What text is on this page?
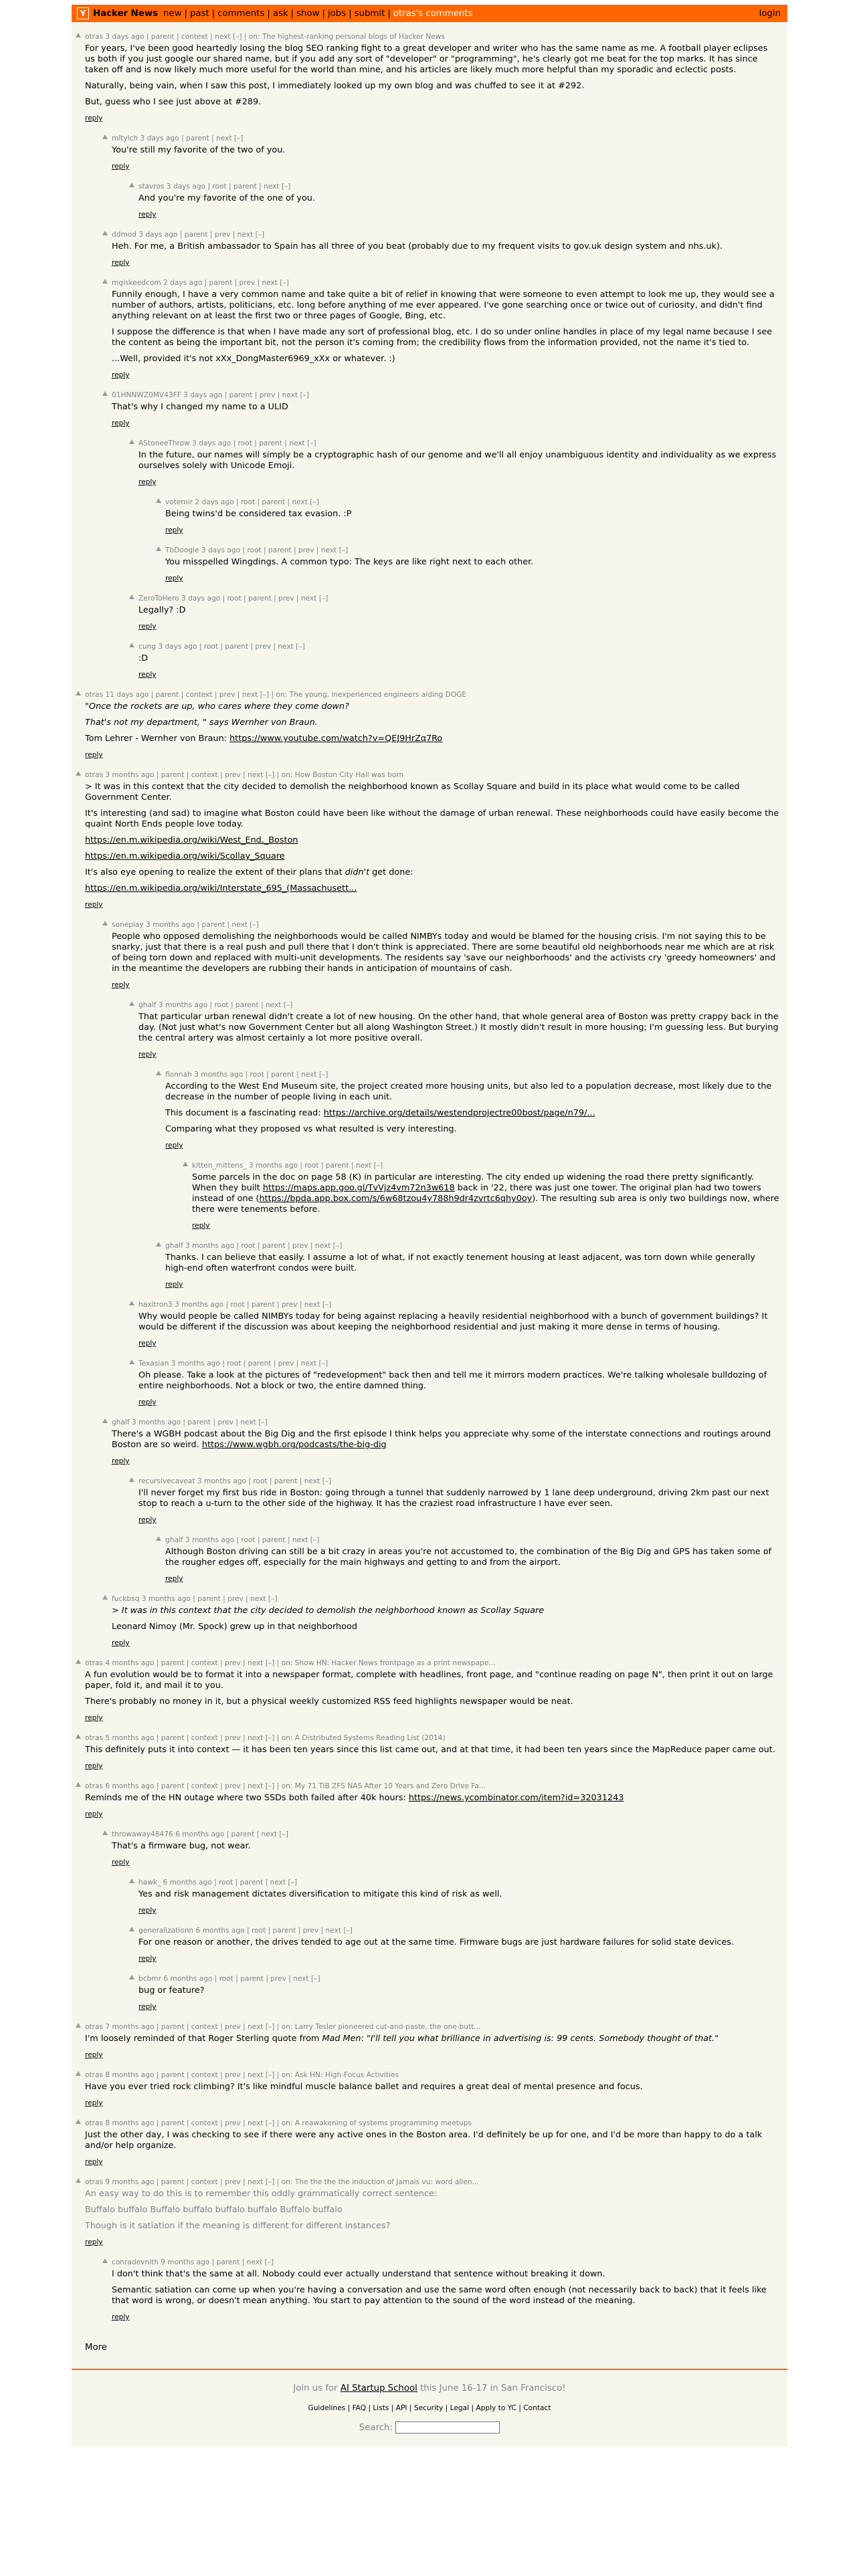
Y Hacker News new | past | comments | ask | show | jobs | submit | otras's comments	login
otras 3 days ago | parent | context | next [–] | on: The highest-ranking personal blogs of Hacker News

For years, I've been good heartedly losing the blog SEO ranking fight to a great developer and writer who has the same name as me. A football player eclipses us both if you just google our shared name, but if you add any sort of "developer" or "programming", he's clearly got me beat for the top marks. It has since taken off and is now likely much more useful for the world than mine, and his articles are likely much more helpful than my sporadic and eclectic posts.

Naturally, being vain, when I saw this post, I immediately looked up my own blog and was chuffed to see it at #292.

But, guess who I see just above at #289.

reply
mltylch 3 days ago | parent | next [–]

You're still my favorite of the two of you.

reply
stavros 3 days ago | root | parent | next [–]

And you're my favorite of the one of you.

reply
ddmod 3 days ago | parent | prev | next [–]

Heh. For me, a British ambassador to Spain has all three of you beat (probably due to my frequent visits to gov.uk design system and nhs.uk).

reply
mgiskeedcom 2 days ago | parent | prev | next [–]

Funnily enough, I have a very common name and take quite a bit of relief in knowing that were someone to even attempt to look me up, they would see a number of authors, artists, politicians, etc. long before anything of me ever appeared. I've gone searching once or twice out of curiosity, and didn't find anything relevant on at least the first two or three pages of Google, Bing, etc.

I suppose the difference is that when I have made any sort of professional blog, etc. I do so under online handles in place of my legal name because I see the content as being the important bit, not the person it's coming from; the credibility flows from the information provided, not the name it's tied to.

...Well, provided it's not xXx_DongMaster6969_xXx or whatever. :)

reply
01HNNWZ0MV43FF 3 days ago | parent | prev | next [–]

That's why I changed my name to a ULID

reply
AStoneeThrow 3 days ago | root | parent | next [–]

In the future, our names will simply be a cryptographic hash of our genome and we'll all enjoy unambiguous identity and individuality as we express ourselves solely with Unicode Emoji.

reply
votemir 2 days ago | root | parent | next [–]

Being twins'd be considered tax evasion. :P

reply
TbDoogie 3 days ago | root | parent | prev | next [–]

You misspelled Wingdings. A common typo: The keys are like right next to each other.

reply
ZeroToHero 3 days ago | root | parent | prev | next [–]

Legally? :D

reply
cung 3 days ago | root | parent | prev | next [–]

:D

reply
otras 11 days ago | parent | context | prev | next [–] | on: The young, inexperienced engineers aiding DOGE

"Once the rockets are up, who cares where they come down?

That's not my department, " says Wernher von Braun.

Tom Lehrer - Wernher von Braun: https://www.youtube.com/watch?v=QEJ9HrZq7Ro

reply
otras 3 months ago | parent | context | prev | next [–] | on: How Boston City Hall was born

> It was in this context that the city decided to demolish the neighborhood known as Scollay Square and build in its place what would come to be called Government Center.

It's interesting (and sad) to imagine what Boston could have been like without the damage of urban renewal. These neighborhoods could have easily become the quaint North Ends people love today.

https://en.m.wikipedia.org/wiki/West_End,_Boston

https://en.m.wikipedia.org/wiki/Scollay_Square

It's also eye opening to realize the extent of their plans that didn't get done:

https://en.m.wikipedia.org/wiki/Interstate_695_(Massachusett...

reply
soneplay 3 months ago | parent | next [–]

People who opposed demolishing the neighborhoods would be called NIMBYs today and would be blamed for the housing crisis. I'm not saying this to be snarky, just that there is a real push and pull there that I don't think is appreciated. There are some beautiful old neighborhoods near me which are at risk of being torn down and replaced with multi-unit developments. The residents say 'save our neighborhoods' and the activists cry 'greedy homeowners' and in the meantime the developers are rubbing their hands in anticipation of mountains of cash.

reply
ghalf 3 months ago | root | parent | next [–]

That particular urban renewal didn't create a lot of new housing. On the other hand, that whole general area of Boston was pretty crappy back in the day. (Not just what's now Government Center but all along Washington Street.) It mostly didn't result in more housing; I'm guessing less. But burying the central artery was almost certainly a lot more positive overall.

reply
fionnah 3 months ago | root | parent | next [–]

According to the West End Museum site, the project created more housing units, but also led to a population decrease, most likely due to the decrease in the number of people living in each unit.

This document is a fascinating read: https://archive.org/details/westendprojectre00bost/page/n79/...

Comparing what they proposed vs what resulted is very interesting.

reply
kitten_mittens_ 3 months ago | root | parent | next [–]

Some parcels in the doc on page 58 (K) in particular are interesting. The city ended up widening the road there pretty significantly. When they built https://maps.app.goo.gl/TvVjz4vm72n3w618 back in '22, there was just one tower. The original plan had two towers instead of one (https://bpda.app.box.com/s/6w68tzou4y788h9dr4zvrtc6qhy0oy). The resulting sub area is only two buildings now, where there were tenements before.

reply
ghalf 3 months ago | root | parent | prev | next [–]

Thanks. I can believe that easily. I assume a lot of what, if not exactly tenement housing at least adjacent, was torn down while generally high-end often waterfront condos were built.

reply
haxitron3 3 months ago | root | parent | prev | next [–]

Why would people be called NIMBYs today for being against replacing a heavily residential neighborhood with a bunch of government buildings? It would be different if the discussion was about keeping the neighborhood residential and just making it more dense in terms of housing.

reply
Texasian 3 months ago | root | parent | prev | next [–]

Oh please. Take a look at the pictures of "redevelopment" back then and tell me it mirrors modern practices. We're talking wholesale bulldozing of entire neighborhoods. Not a block or two, the entire damned thing.

reply
ghalf 3 months ago | parent | prev | next [–]

There's a WGBH podcast about the Big Dig and the first episode I think helps you appreciate why some of the interstate connections and routings around Boston are so weird. https://www.wgbh.org/podcasts/the-big-dig

reply
recursivecaveat 3 months ago | root | parent | next [–]

I'll never forget my first bus ride in Boston: going through a tunnel that suddenly narrowed by 1 lane deep underground, driving 2km past our next stop to reach a u-turn to the other side of the highway. It has the craziest road infrastructure I have ever seen.

reply
ghalf 3 months ago | root | parent | next [–]

Although Boston driving can still be a bit crazy in areas you're not accustomed to, the combination of the Big Dig and GPS has taken some of the rougher edges off, especially for the main highways and getting to and from the airport.

reply
fuckbsq 3 months ago | parent | prev | next [–]

> It was in this context that the city decided to demolish the neighborhood known as Scollay Square

Leonard Nimoy (Mr. Spock) grew up in that neighborhood

reply
otras 4 months ago | parent | context | prev | next [–] | on: Show HN: Hacker News frontpage as a print newspape...

A fun evolution would be to format it into a newspaper format, complete with headlines, front page, and "continue reading on page N", then print it out on large paper, fold it, and mail it to you.

There's probably no money in it, but a physical weekly customized RSS feed highlights newspaper would be neat.

reply
otras 5 months ago | parent | context | prev | next [–] | on: A Distributed Systems Reading List (2014)

This definitely puts it into context — it has been ten years since this list came out, and at that time, it had been ten years since the MapReduce paper came out.

reply
otras 6 months ago | parent | context | prev | next [–] | on: My 71 TiB ZFS NAS After 10 Years and Zero Drive Fa...

Reminds me of the HN outage where two SSDs both failed after 40k hours: https://news.ycombinator.com/item?id=32031243

reply
throwaway48476 6 months ago | parent | next [–]

That's a firmware bug, not wear.

reply
hawk_ 6 months ago | root | parent | next [–]

Yes and risk management dictates diversification to mitigate this kind of risk as well.

reply
generalizationn 6 months ago | root | parent | prev | next [–]

For one reason or another, the drives tended to age out at the same time. Firmware bugs are just hardware failures for solid state devices.

reply
bcbmr 6 months ago | root | parent | prev | next [–]

bug or feature?

reply
otras 7 months ago | parent | context | prev | next [–] | on: Larry Tesler pioneered cut-and-paste, the one-butt...

I'm loosely reminded of that Roger Sterling quote from Mad Men: "I'll tell you what brilliance in advertising is: 99 cents. Somebody thought of that."

reply
otras 8 months ago | parent | context | prev | next [–] | on: Ask HN: High-Focus Activities

Have you ever tried rock climbing? It's like mindful muscle balance ballet and requires a great deal of mental presence and focus.

reply
otras 8 months ago | parent | context | prev | next [–] | on: A reawakening of systems programming meetups

Just the other day, I was checking to see if there were any active ones in the Boston area. I'd definitely be up for one, and I'd be more than happy to do a talk and/or help organize.

reply
otras 9 months ago | parent | context | prev | next [–] | on: The the the the induction of Jamais vu: word alien...

An easy way to do this is to remember this oddly grammatically correct sentence:

Buffalo buffalo Buffalo buffalo buffalo buffalo Buffalo buffalo

Though is it satiation if the meaning is different for different instances?

reply
conradevnith 9 months ago | parent | next [–]

I don't think that's the same at all. Nobody could ever actually understand that sentence without breaking it down.

Semantic satiation can come up when you're having a conversation and use the same word often enough (not necessarily back to back) that it feels like that word is wrong, or doesn't mean anything. You start to pay attention to the sound of the word instead of the meaning.

reply
More
Join us for AI Startup School this June 16-17 in San Francisco!
Guidelines | FAQ | Lists | API | Security | Legal | Apply to YC | Contact
Search:
